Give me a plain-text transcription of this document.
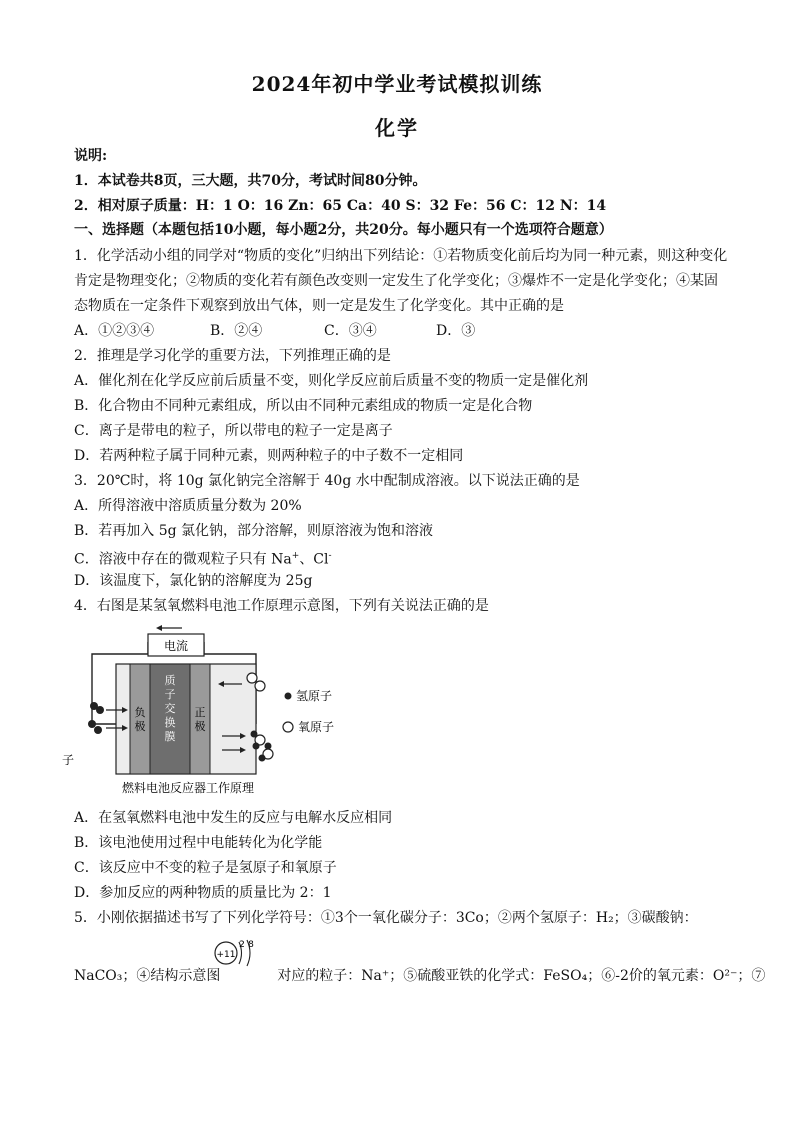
2024年初中学业考试模拟训练
化学
说明:
1．本试卷共8页，三大题，共70分，考试时间80分钟。
2．相对原子质量：H：1 O：16 Zn：65 Ca：40 S：32 Fe：56 C：12 N：14
一、选择题（本题包括10小题，每小题2分，共20分。每小题只有一个选项符合题意）
1．化学活动小组的同学对“物质的变化”归纳出下列结论：①若物质变化前后均为同一种元素，则这种变化
肯定是物理变化；②物质的变化若有颜色改变则一定发生了化学变化；③爆炸不一定是化学变化；④某固
态物质在一定条件下观察到放出气体，则一定是发生了化学变化。其中正确的是
A．①②③④	B．②④	C．③④	D．③
2．推理是学习化学的重要方法，下列推理正确的是
A．催化剂在化学反应前后质量不变，则化学反应前后质量不变的物质一定是催化剂
B．化合物由不同种元素组成，所以由不同种元素组成的物质一定是化合物
C．离子是带电的粒子，所以带电的粒子一定是离子
D．若两种粒子属于同种元素，则两种粒子的中子数不一定相同
3．20℃时，将 10g 氯化钠完全溶解于 40g 水中配制成溶液。以下说法正确的是
A．所得溶液中溶质质量分数为 20%
B．若再加入 5g 氯化钠，部分溶解，则原溶液为饱和溶液
C．溶液中存在的微观粒子只有 Na+、Cl-
D．该温度下，氯化钠的溶解度为 25g
4．右图是某氢氧燃料电池工作原理示意图，下列有关说法正确的是
电流
负极
质子交换膜
正极
氢原子
氧原子
燃料电池反应器工作原理
子
A．在氢氧燃料电池中发生的反应与电解水反应相同
B．该电池使用过程中电能转化为化学能
C．该反应中不变的粒子是氢原子和氧原子
D．参加反应的两种物质的质量比为 2：1
5．小刚依据描述书写了下列化学符号：①3个一氧化碳分子：3Co；②两个氢原子：H₂；③碳酸钠：
NaCO₃；④结构示意图	对应的粒子：Na⁺；⑤硫酸亚铁的化学式：FeSO₄；⑥-2价的氧元素：O²⁻；⑦
+11
2 8
